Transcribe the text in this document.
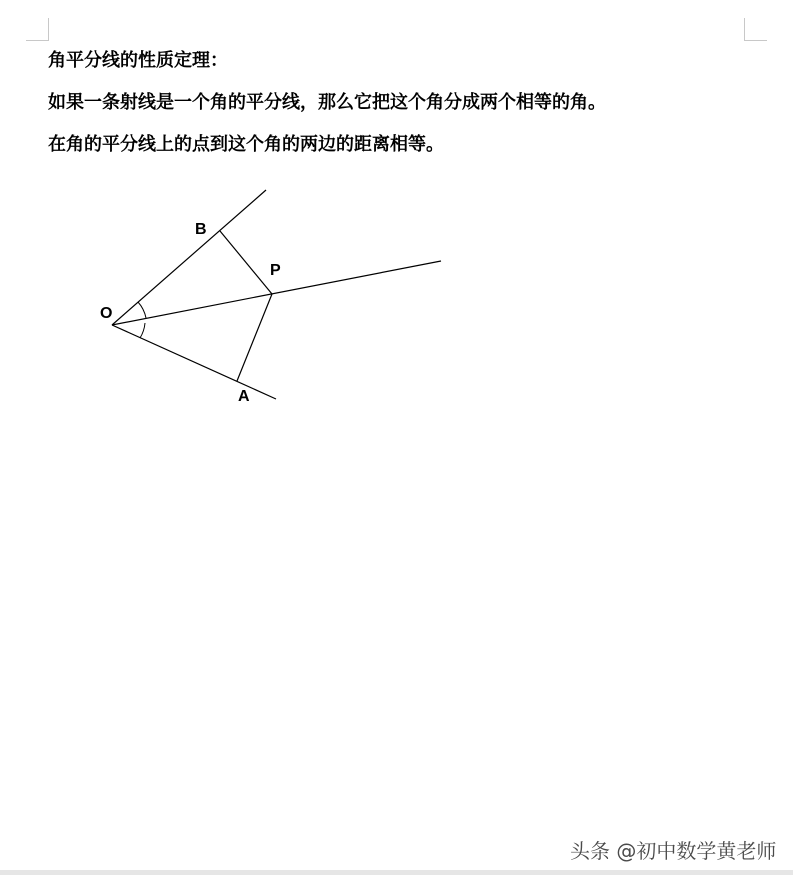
角平分线的性质定理：
如果一条射线是一个角的平分线，那么它把这个角分成两个相等的角。
在角的平分线上的点到这个角的两边的距离相等。
O
B
P
A
头条 @初中数学黄老师
